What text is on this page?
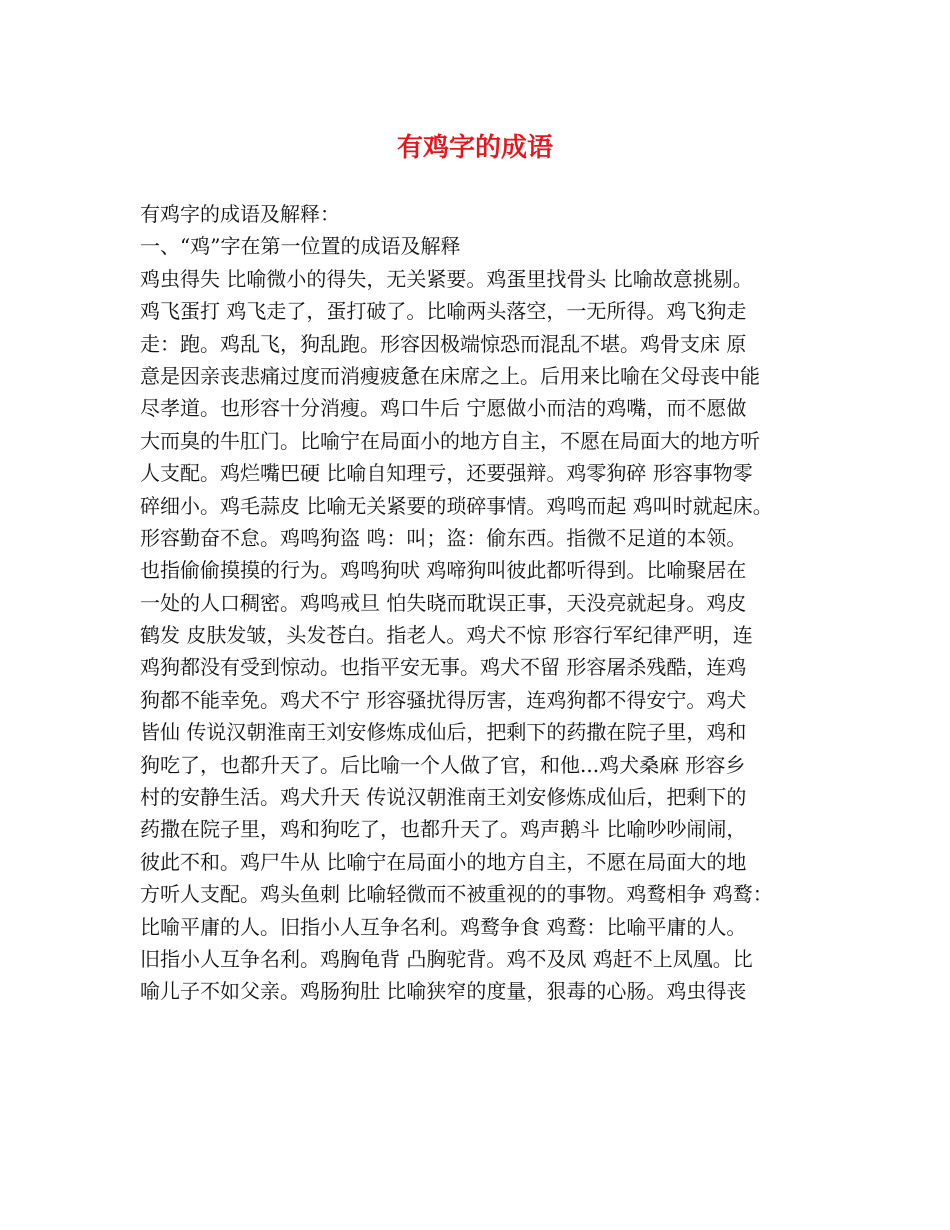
有鸡字的成语
有鸡字的成语及解释：
一、“鸡”字在第一位置的成语及解释
鸡虫得失 比喻微小的得失，无关紧要。鸡蛋里找骨头 比喻故意挑剔。
鸡飞蛋打 鸡飞走了，蛋打破了。比喻两头落空，一无所得。鸡飞狗走
走：跑。鸡乱飞，狗乱跑。形容因极端惊恐而混乱不堪。鸡骨支床 原
意是因亲丧悲痛过度而消瘦疲惫在床席之上。后用来比喻在父母丧中能
尽孝道。也形容十分消瘦。鸡口牛后 宁愿做小而洁的鸡嘴，而不愿做
大而臭的牛肛门。比喻宁在局面小的地方自主，不愿在局面大的地方听
人支配。鸡烂嘴巴硬 比喻自知理亏，还要强辩。鸡零狗碎 形容事物零
碎细小。鸡毛蒜皮 比喻无关紧要的琐碎事情。鸡鸣而起 鸡叫时就起床。
形容勤奋不怠。鸡鸣狗盗 鸣：叫；盗：偷东西。指微不足道的本领。
也指偷偷摸摸的行为。鸡鸣狗吠 鸡啼狗叫彼此都听得到。比喻聚居在
一处的人口稠密。鸡鸣戒旦 怕失晓而耽误正事，天没亮就起身。鸡皮
鹤发 皮肤发皱，头发苍白。指老人。鸡犬不惊 形容行军纪律严明，连
鸡狗都没有受到惊动。也指平安无事。鸡犬不留 形容屠杀残酷，连鸡
狗都不能幸免。鸡犬不宁 形容骚扰得厉害，连鸡狗都不得安宁。鸡犬
皆仙 传说汉朝淮南王刘安修炼成仙后，把剩下的药撒在院子里，鸡和
狗吃了，也都升天了。后比喻一个人做了官，和他...鸡犬桑麻 形容乡
村的安静生活。鸡犬升天 传说汉朝淮南王刘安修炼成仙后，把剩下的
药撒在院子里，鸡和狗吃了，也都升天了。鸡声鹅斗 比喻吵吵闹闹，
彼此不和。鸡尸牛从 比喻宁在局面小的地方自主，不愿在局面大的地
方听人支配。鸡头鱼刺 比喻轻微而不被重视的的事物。鸡鹜相争 鸡鹜：
比喻平庸的人。旧指小人互争名利。鸡鹜争食 鸡鹜：比喻平庸的人。
旧指小人互争名利。鸡胸龟背 凸胸驼背。鸡不及凤 鸡赶不上凤凰。比
喻儿子不如父亲。鸡肠狗肚 比喻狭窄的度量，狠毒的心肠。鸡虫得丧
